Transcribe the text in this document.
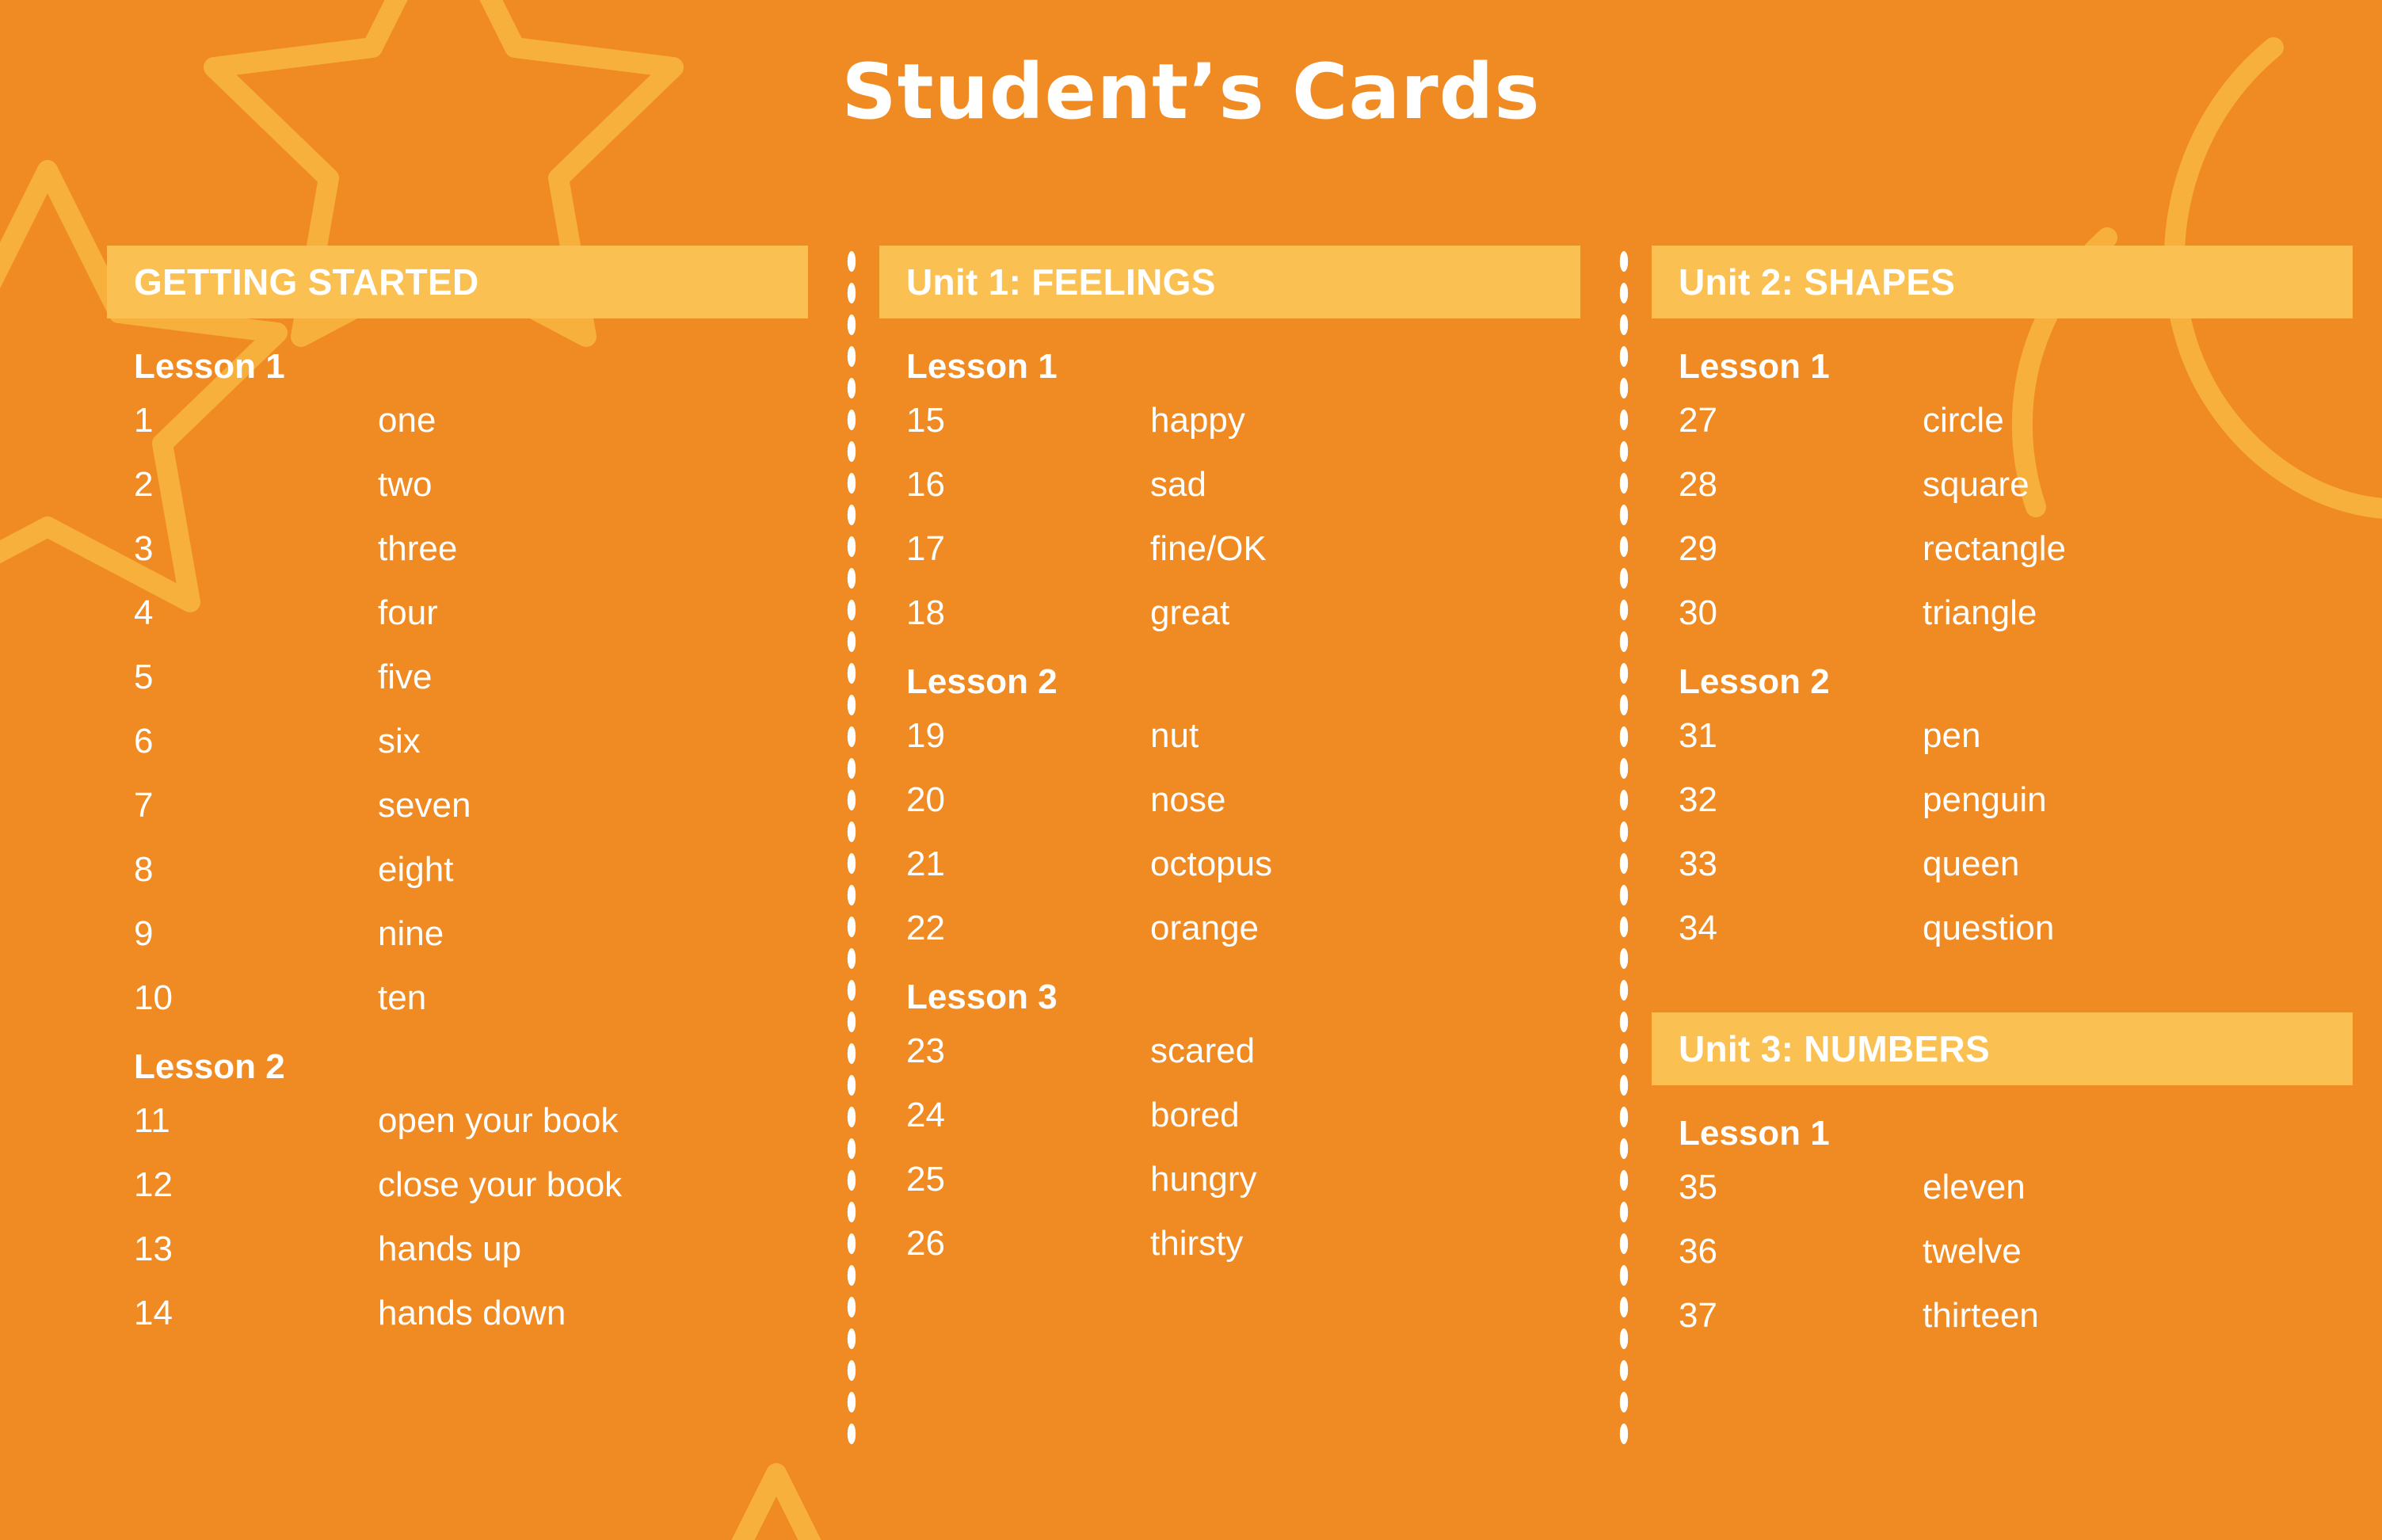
Student’s Cards
GETTING STARTED
Lesson 1
1	one
2	two
3	three
4	four
5	five
6	six
7	seven
8	eight
9	nine
10	ten
Lesson 2
11	open your book
12	close your book
13	hands up
14	hands down
Unit 1: FEELINGS
Lesson 1
15	happy
16	sad
17	fine/OK
18	great
Lesson 2
19	nut
20	nose
21	octopus
22	orange
Lesson 3
23	scared
24	bored
25	hungry
26	thirsty
Unit 2: SHAPES
Lesson 1
27	circle
28	square
29	rectangle
30	triangle
Lesson 2
31	pen
32	penguin
33	queen
34	question
Unit 3: NUMBERS
Lesson 1
35	eleven
36	twelve
37	thirteen
